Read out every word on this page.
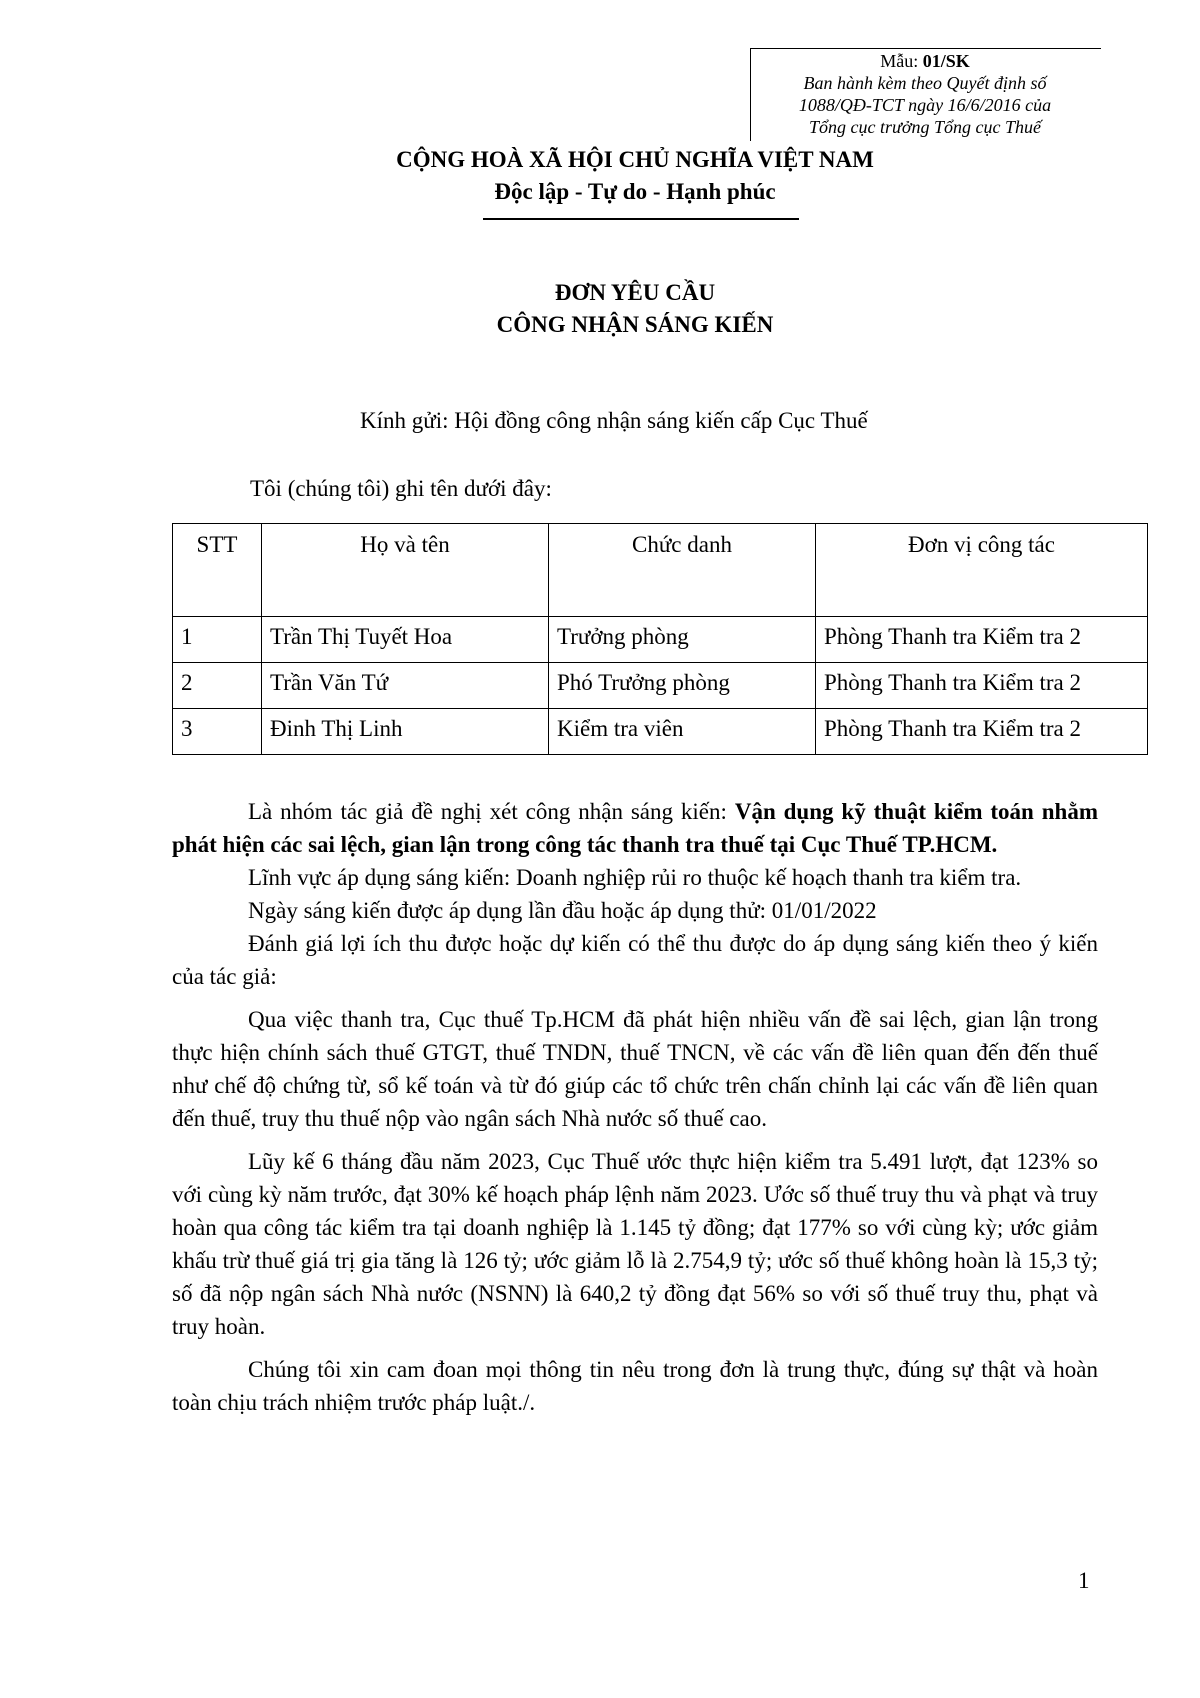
Mẫu: 01/SK
Ban hành kèm theo Quyết định số
1088/QĐ-TCT ngày 16/6/2016 của
Tổng cục trưởng Tổng cục Thuế
CỘNG HOÀ XÃ HỘI CHỦ NGHĨA VIỆT NAM
Độc lập - Tự do - Hạnh phúc
ĐƠN YÊU CẦU
CÔNG NHẬN SÁNG KIẾN
Kính gửi: Hội đồng công nhận sáng kiến cấp Cục Thuế
Tôi (chúng tôi) ghi tên dưới đây:
STT	Họ và tên	Chức danh	Đơn vị công tác
1	Trần Thị Tuyết Hoa	Trưởng phòng	Phòng Thanh tra Kiểm tra 2
2	Trần Văn Tứ	Phó Trưởng phòng	Phòng Thanh tra Kiểm tra 2
3	Đinh Thị Linh	Kiểm tra viên	Phòng Thanh tra Kiểm tra 2

Là nhóm tác giả đề nghị xét công nhận sáng kiến: Vận dụng kỹ thuật kiểm toán nhằm phát hiện các sai lệch, gian lận trong công tác thanh tra thuế tại Cục Thuế TP.HCM.

Lĩnh vực áp dụng sáng kiến: Doanh nghiệp rủi ro thuộc kế hoạch thanh tra kiểm tra.

Ngày sáng kiến được áp dụng lần đầu hoặc áp dụng thử: 01/01/2022

Đánh giá lợi ích thu được hoặc dự kiến có thể thu được do áp dụng sáng kiến theo ý kiến của tác giả:

Qua việc thanh tra, Cục thuế Tp.HCM đã phát hiện nhiều vấn đề sai lệch, gian lận trong thực hiện chính sách thuế GTGT, thuế TNDN, thuế TNCN, về các vấn đề liên quan đến đến thuế như chế độ chứng từ, sổ kế toán và từ đó giúp các tổ chức trên chấn chỉnh lại các vấn đề liên quan đến thuế, truy thu thuế nộp vào ngân sách Nhà nước số thuế cao.

Lũy kế 6 tháng đầu năm 2023, Cục Thuế ước thực hiện kiểm tra 5.491 lượt, đạt 123% so với cùng kỳ năm trước, đạt 30% kế hoạch pháp lệnh năm 2023. Ước số thuế truy thu và phạt và truy hoàn qua công tác kiểm tra tại doanh nghiệp là 1.145 tỷ đồng; đạt 177% so với cùng kỳ; ước giảm khấu trừ thuế giá trị gia tăng là 126 tỷ; ước giảm lỗ là 2.754,9 tỷ; ước số thuế không hoàn là 15,3 tỷ; số đã nộp ngân sách Nhà nước (NSNN) là 640,2 tỷ đồng đạt 56% so với số thuế truy thu, phạt và truy hoàn.

Chúng tôi xin cam đoan mọi thông tin nêu trong đơn là trung thực, đúng sự thật và hoàn toàn chịu trách nhiệm trước pháp luật./.

1
